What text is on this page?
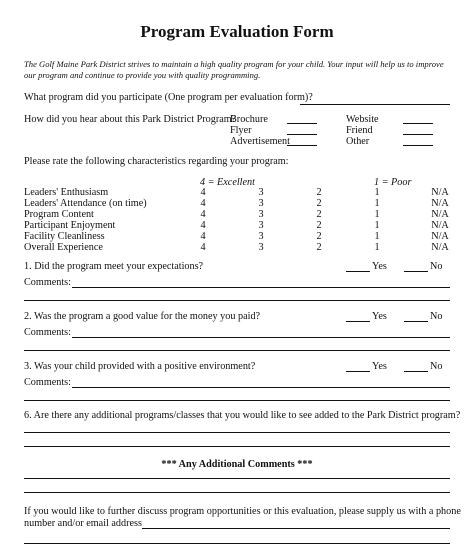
Program Evaluation Form
The Golf Maine Park District strives to maintain a high quality program for your child. Your input will help us to improve our program and continue to provide you with quality programming.
What program did you participate (One program per evaluation form)?
How did you hear about this Park District Program?
Brochure
Flyer
Advertisement
Website
Friend
Other
Please rate the following characteristics regarding your program:
4 = Excellent	1 = Poor
Leaders' Enthusiasm	4	3	2	1	N/A
Leaders' Attendance (on time)	4	3	2	1	N/A
Program Content	4	3	2	1	N/A
Participant Enjoyment	4	3	2	1	N/A
Facility Cleanliness	4	3	2	1	N/A
Overall Experience	4	3	2	1	N/A
1. Did the program meet your expectations?	Yes	No
Comments:
2. Was the program a good value for the money you paid?	Yes	No
Comments:
3. Was your child provided with a positive environment?	Yes	No
Comments:
6. Are there any additional programs/classes that you would like to see added to the Park District program?
*** Any Additional Comments ***
If you would like to further discuss program opportunities or this evaluation, please supply us with a phone
number and/or email address
